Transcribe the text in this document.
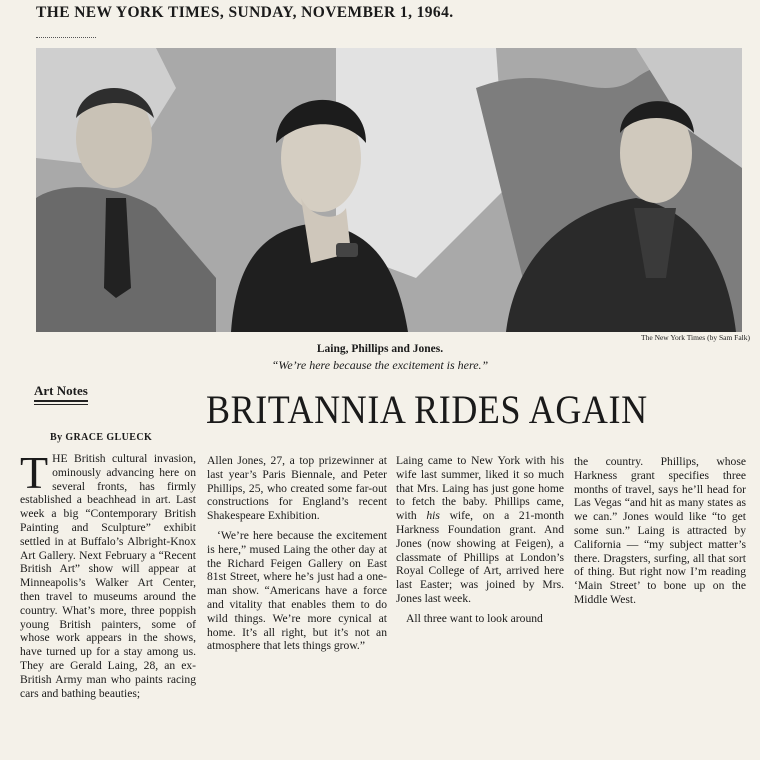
THE NEW YORK TIMES, SUNDAY, NOVEMBER 1, 1964.
The New York Times (by Sam Falk)
Laing, Phillips and Jones.
“We’re here because the excitement is here.”
Art Notes	BRITANNIA RIDES AGAIN
By GRACE GLUECK

THE British cultural invasion, ominously advancing here on several fronts, has firmly established a beachhead in art. Last week a big “Contemporary British Painting and Sculpture” exhibit settled in at Buffalo’s Albright-Knox Art Gallery. Next February a “Recent British Art” show will appear at Minneapolis’s Walker Art Center, then travel to museums around the country. What’s more, three poppish young British painters, some of whose work appears in the shows, have turned up for a stay among us. They are Gerald Laing, 28, an ex-British Army man who paints racing cars and bathing beauties;

Allen Jones, 27, a top prizewinner at last year’s Paris Biennale, and Peter Phillips, 25, who created some far-out constructions for England’s recent Shakespeare Exhibition.

‘We’re here because the excitement is here,” mused Laing the other day at the Richard Feigen Gallery on East 81st Street, where he’s just had a one-man show. “Americans have a force and vitality that enables them to do wild things. We’re more cynical at home. It’s all right, but it’s not an atmosphere that lets things grow.”

Laing came to New York with his wife last summer, liked it so much that Mrs. Laing has just gone home to fetch the baby. Phillips came, with his wife, on a 21-month Harkness Foundation grant. And Jones (now showing at Feigen), a classmate of Phillips at London’s Royal College of Art, arrived here last Easter; was joined by Mrs. Jones last week.

All three want to look around

the country. Phillips, whose Harkness grant specifies three months of travel, says he’ll head for Las Vegas “and hit as many states as we can.” Jones would like “to get some sun.” Laing is attracted by California — “my subject matter’s there. Dragsters, surfing, all that sort of thing. But right now I’m reading ‘Main Street’ to bone up on the Middle West.
